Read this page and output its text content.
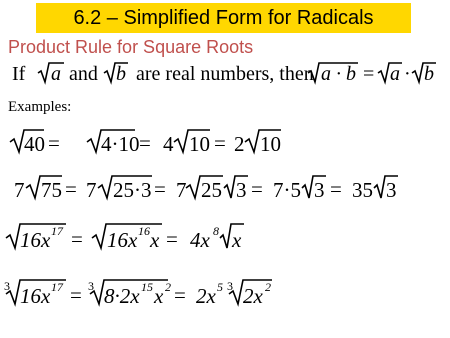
6.2 – Simplified Form for Radicals
Product Rule for Square Roots
If a and b are real numbers, then a · b = a · b
Examples:
40 = 4·10 = 4 10 = 2 10
7 75 = 7 25·3 = 7 25 3 = 7·5 3 = 35 3
16x 17 = 16x 16 x = 4x 8 x
3 16x 17 = 3 8·2x 15 x 2 = 2x 5 3 2x 2
